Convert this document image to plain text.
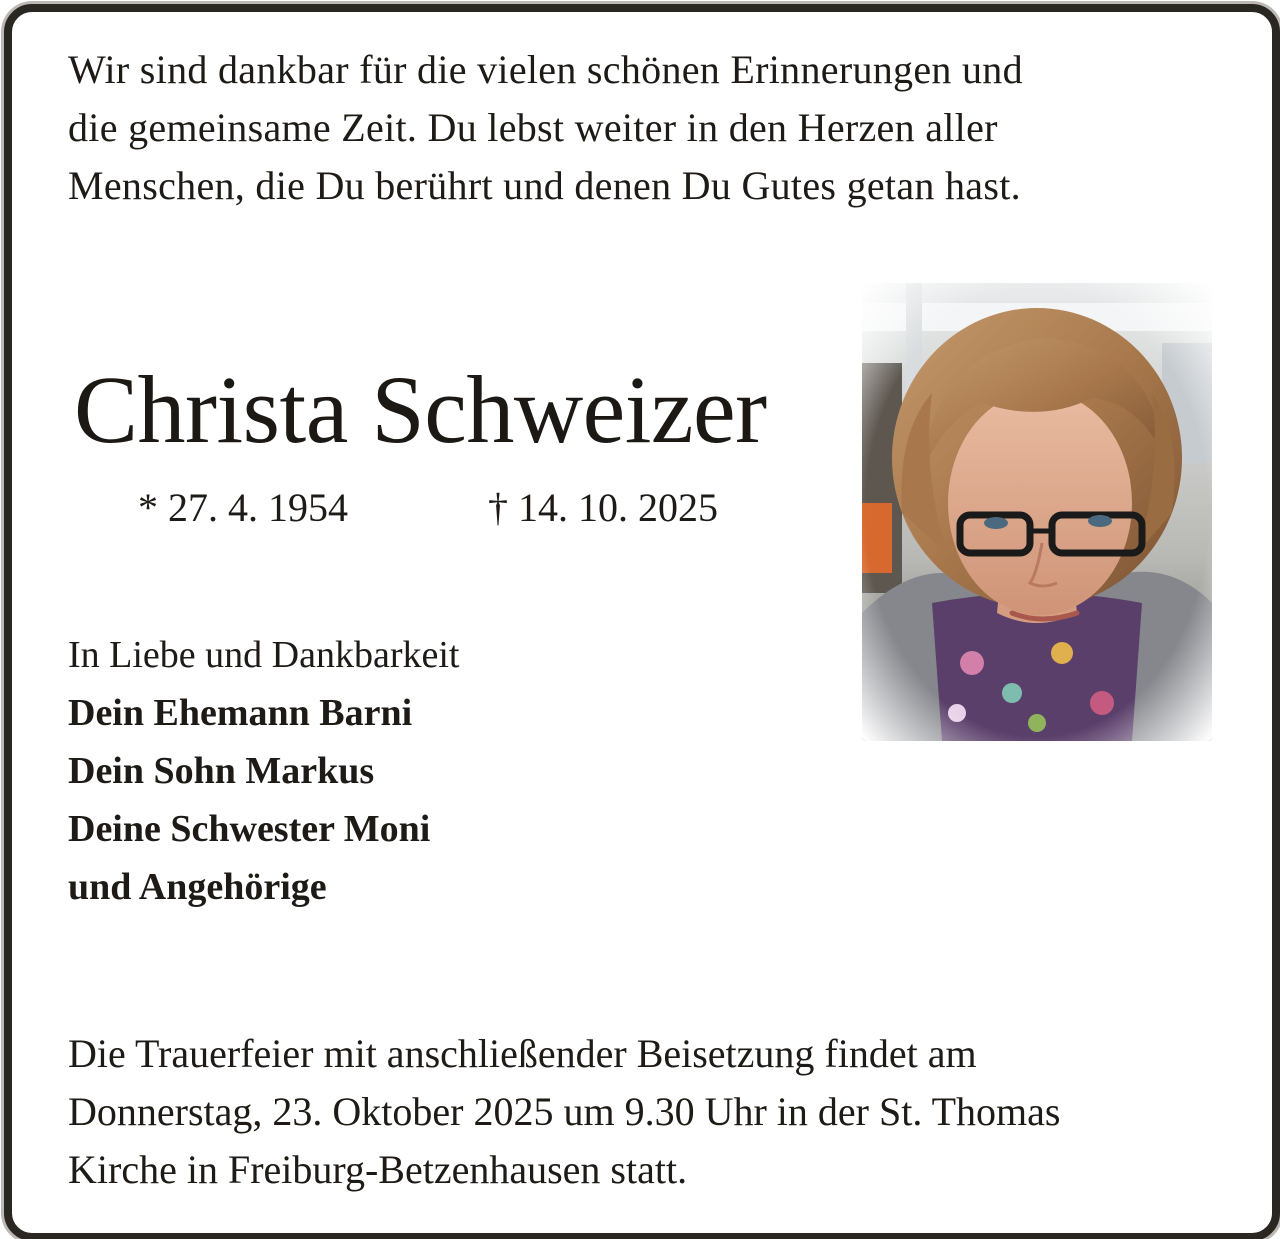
Wir sind dankbar für die vielen schönen Erinnerungen und
die gemeinsame Zeit. Du lebst weiter in den Herzen aller
Menschen, die Du berührt und denen Du Gutes getan hast.
Christa Schweizer
* 27. 4. 1954	† 14. 10. 2025
In Liebe und Dankbarkeit
Dein Ehemann Barni
Dein Sohn Markus
Deine Schwester Moni
und Angehörige
Die Trauerfeier mit anschließender Beisetzung findet am
Donnerstag, 23. Oktober 2025 um 9.30 Uhr in der St. Thomas
Kirche in Freiburg-Betzenhausen statt.
